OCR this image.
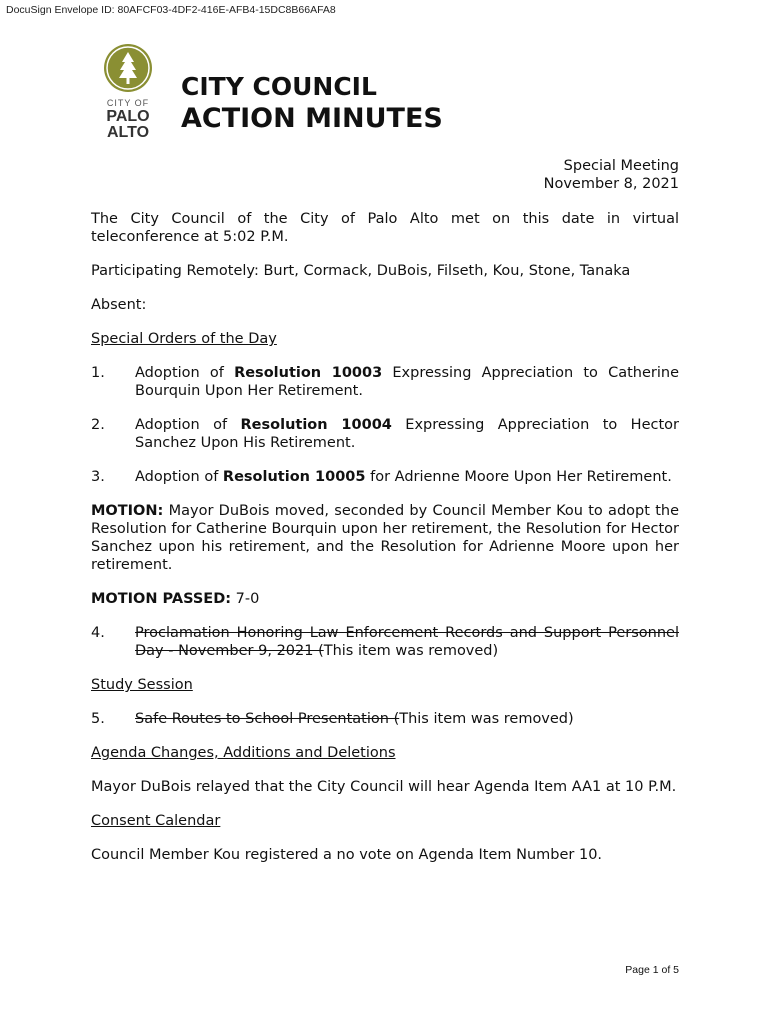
DocuSign Envelope ID: 80AFCF03-4DF2-416E-AFB4-15DC8B66AFA8
CITY OF
PALO
ALTO
CITY COUNCIL
ACTION MINUTES
Special Meeting
November 8, 2021

The City Council of the City of Palo Alto met on this date in virtual teleconference at 5:02 P.M.

Participating Remotely: Burt, Cormack, DuBois, Filseth, Kou, Stone, Tanaka

Absent:

Special Orders of the Day
1.	Adoption of Resolution 10003 Expressing Appreciation to Catherine Bourquin Upon Her Retirement.
2.	Adoption of Resolution 10004 Expressing Appreciation to Hector Sanchez Upon His Retirement.
3.	Adoption of Resolution 10005 for Adrienne Moore Upon Her Retirement.

MOTION: Mayor DuBois moved, seconded by Council Member Kou to adopt the Resolution for Catherine Bourquin upon her retirement, the Resolution for Hector Sanchez upon his retirement, and the Resolution for Adrienne Moore upon her retirement.

MOTION PASSED: 7-0

4.	Proclamation Honoring Law Enforcement Records and Support Personnel Day - November 9, 2021 (This item was removed)
Study Session
5.	Safe Routes to School Presentation (This item was removed)
Agenda Changes, Additions and Deletions

Mayor DuBois relayed that the City Council will hear Agenda Item AA1 at 10 P.M.

Consent Calendar

Council Member Kou registered a no vote on Agenda Item Number 10.

Page 1 of 5
